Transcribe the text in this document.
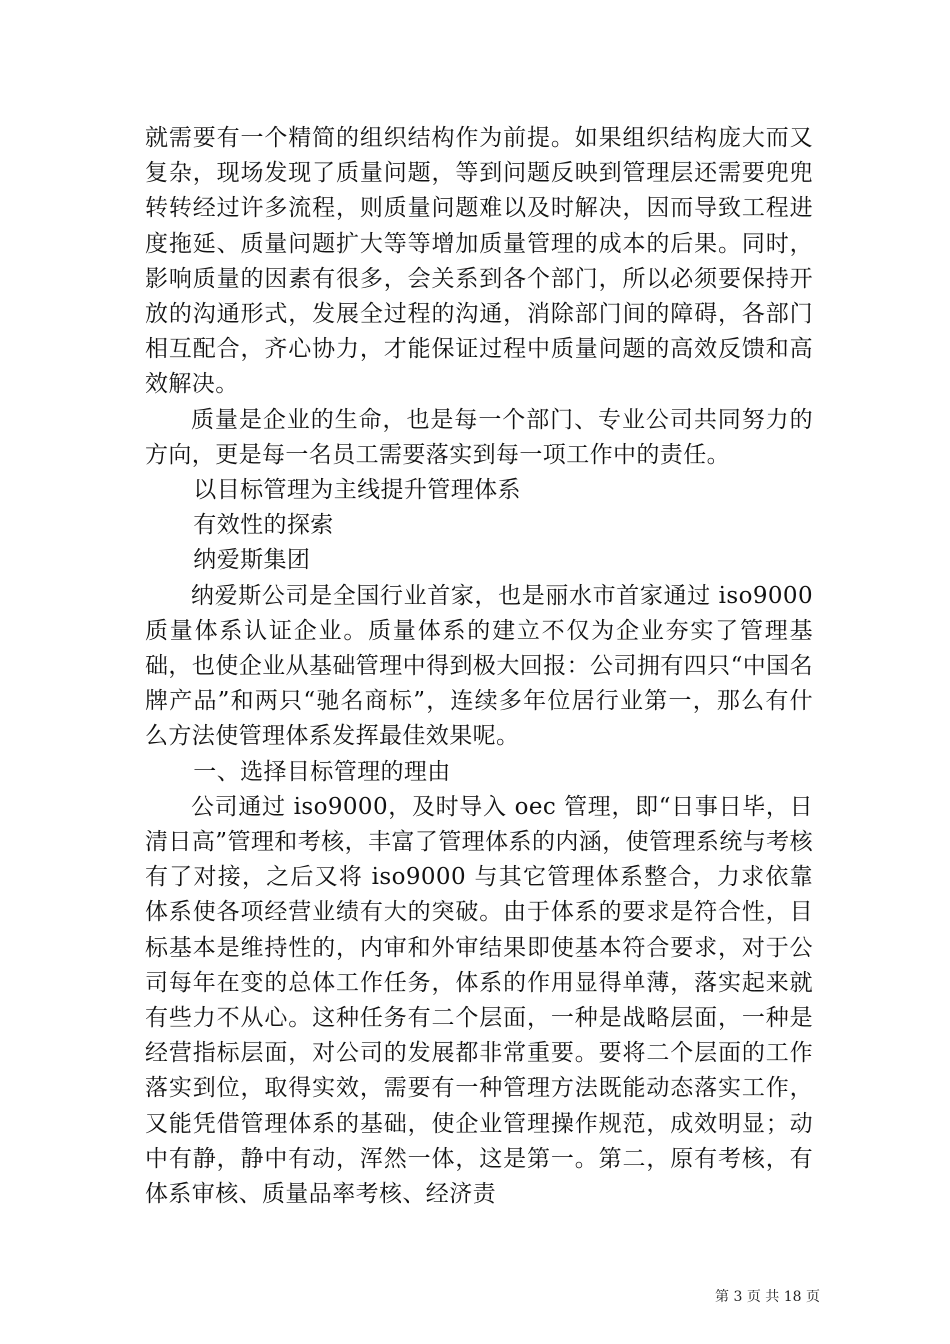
就需要有一个精简的组织结构作为前提。如果组织结构庞大而又复杂，现场发现了质量问题，等到问题反映到管理层还需要兜兜转转经过许多流程，则质量问题难以及时解决，因而导致工程进度拖延、质量问题扩大等等增加质量管理的成本的后果。同时，影响质量的因素有很多，会关系到各个部门，所以必须要保持开放的沟通形式，发展全过程的沟通，消除部门间的障碍，各部门相互配合，齐心协力，才能保证过程中质量问题的高效反馈和高效解决。

质量是企业的生命，也是每一个部门、专业公司共同努力的方向，更是每一名员工需要落实到每一项工作中的责任。

以目标管理为主线提升管理体系

有效性的探索

纳爱斯集团

纳爱斯公司是全国行业首家，也是丽水市首家通过 iso9000 质量体系认证企业。质量体系的建立不仅为企业夯实了管理基础，也使企业从基础管理中得到极大回报：公司拥有四只“中国名牌产品”和两只“驰名商标”，连续多年位居行业第一，那么有什么方法使管理体系发挥最佳效果呢。

一、选择目标管理的理由

公司通过 iso9000，及时导入 oec 管理，即“日事日毕，日清日高”管理和考核，丰富了管理体系的内涵，使管理系统与考核有了对接，之后又将 iso9000 与其它管理体系整合，力求依靠体系使各项经营业绩有大的突破。由于体系的要求是符合性，目标基本是维持性的，内审和外审结果即使基本符合要求，对于公司每年在变的总体工作任务，体系的作用显得单薄，落实起来就有些力不从心。这种任务有二个层面，一种是战略层面，一种是经营指标层面，对公司的发展都非常重要。要将二个层面的工作落实到位，取得实效，需要有一种管理方法既能动态落实工作，又能凭借管理体系的基础，使企业管理操作规范，成效明显；动中有静，静中有动，浑然一体，这是第一。第二，原有考核，有体系审核、质量品率考核、经济责

第 3 页 共 18 页
